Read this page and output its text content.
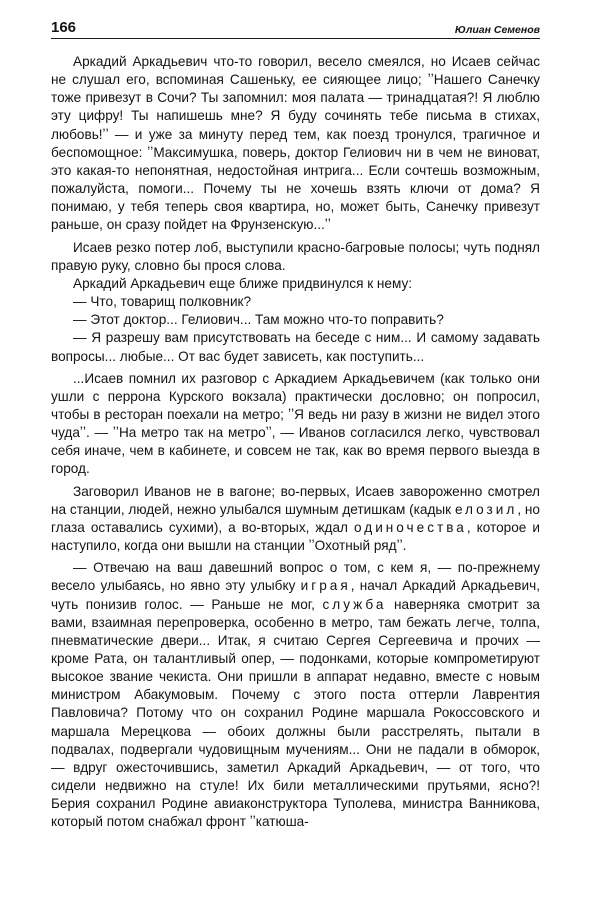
166	Юлиан Семенов

Аркадий Аркадьевич что-то говорил, весело смеялся, но Исаев сейчас не слушал его, вспоминая Сашеньку, ее сияющее лицо; ʼʼНашего Санечку тоже привезут в Сочи? Ты запомнил: моя палата — тринадцатая?! Я люблю эту цифру! Ты напишешь мне? Я буду сочинять тебе письма в стихах, любовь!ʼʼ — и уже за минуту перед тем, как поезд тронулся, трагичное и беспомощное: ʼʼМаксимушка, поверь, доктор Гелиович ни в чем не виноват, это какая-то непонятная, недостойная интрига... Если сочтешь возможным, пожалуйста, помоги... Почему ты не хочешь взять ключи от дома? Я понимаю, у тебя теперь своя квартира, но, может быть, Санечку привезут раньше, он сразу пойдет на Фрунзенскую...ʼʼ

Исаев резко потер лоб, выступили красно-багровые полосы; чуть поднял правую руку, словно бы прося слова.

Аркадий Аркадьевич еще ближе придвинулся к нему:

— Что, товарищ полковник?

— Этот доктор... Гелиович... Там можно что-то поправить?

— Я разрешу вам присутствовать на беседе с ним... И самому задавать вопросы... любые... От вас будет зависеть, как поступить...

...Исаев помнил их разговор с Аркадием Аркадьевичем (как только они ушли с перрона Курского вокзала) практически дословно; он попросил, чтобы в ресторан поехали на метро; ʼʼЯ ведь ни разу в жизни не видел этого чудаʼʼ. — ʼʼНа метро так на метроʼʼ, — Иванов согласился легко, чувствовал себя иначе, чем в кабинете, и совсем не так, как во время первого выезда в город.

Заговорил Иванов не в вагоне; во-первых, Исаев завороженно смотрел на станции, людей, нежно улыбался шумным детишкам (кадык елозил, но глаза оставались сухими), а во-вторых, ждал одиночества, которое и наступило, когда они вышли на станции ʼʼОхотный рядʼʼ.

— Отвечаю на ваш давешний вопрос о том, с кем я, — по-прежнему весело улыбаясь, но явно эту улыбку играя, начал Аркадий Аркадьевич, чуть понизив голос. — Раньше не мог, служба наверняка смотрит за вами, взаимная перепроверка, особенно в метро, там бежать легче, толпа, пневматические двери... Итак, я считаю Сергея Сергеевича и прочих — кроме Рата, он талантливый опер, — подонками, которые компрометируют высокое звание чекиста. Они пришли в аппарат недавно, вместе с новым министром Абакумовым. Почему с этого поста оттерли Лаврентия Павловича? Потому что он сохранил Родине маршала Рокоссовского и маршала Мерецкова — обоих должны были расстрелять, пытали в подвалах, подвергали чудовищным мучениям... Они не падали в обморок, — вдруг ожесточившись, заметил Аркадий Аркадьевич, — от того, что сидели недвижно на стуле! Их били металлическими прутьями, ясно?! Берия сохранил Родине авиаконструктора Туполева, министра Ванникова, который потом снабжал фронт ʼʼкатюша-
